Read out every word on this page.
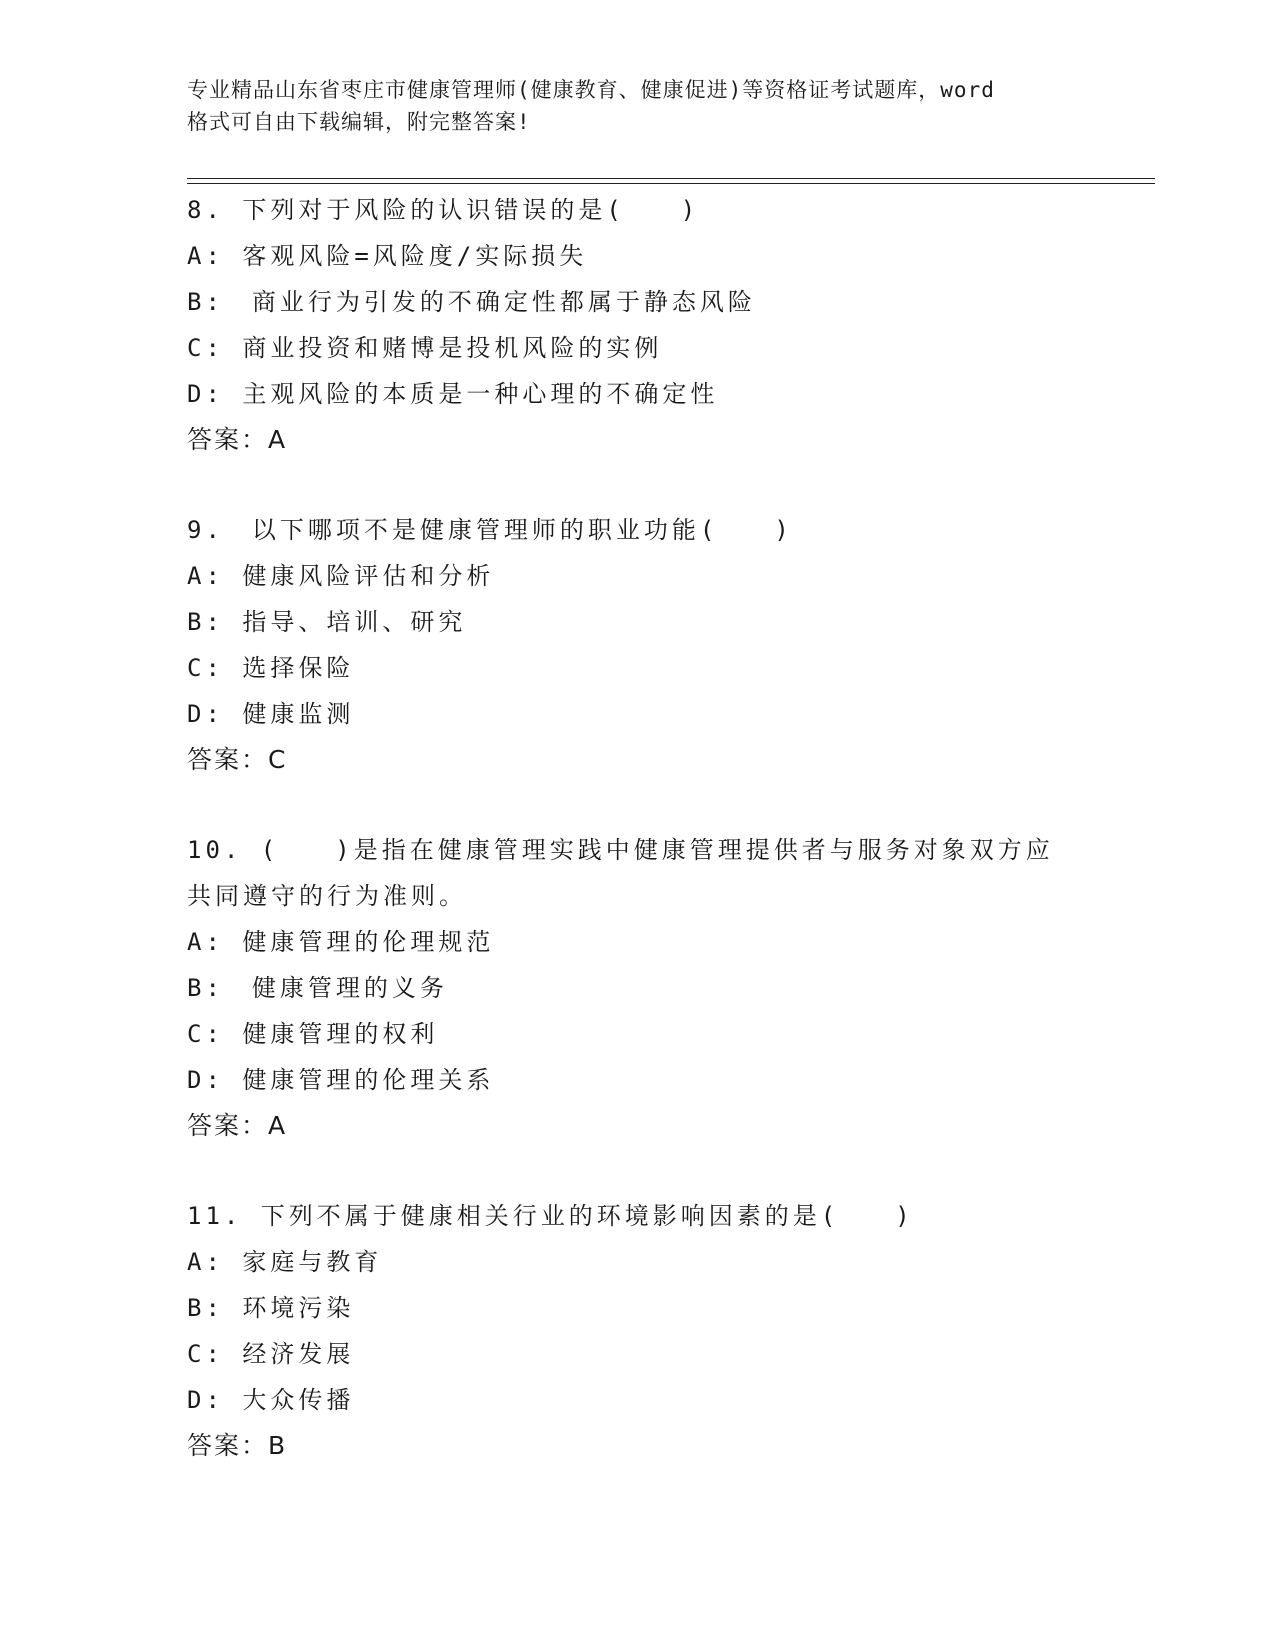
专业精品山东省枣庄市健康管理师(健康教育、健康促进)等资格证考试题库，word
格式可自由下载编辑，附完整答案!
8. 下列对于风险的认识错误的是(　　)
A: 客观风险=风险度/实际损失
B:　商业行为引发的不确定性都属于静态风险
C: 商业投资和赌博是投机风险的实例
D: 主观风险的本质是一种心理的不确定性
答案：A
9.　以下哪项不是健康管理师的职业功能(　　)
A: 健康风险评估和分析
B: 指导、培训、研究
C: 选择保险
D: 健康监测
答案：C
10. (　　)是指在健康管理实践中健康管理提供者与服务对象双方应
共同遵守的行为准则。
A: 健康管理的伦理规范
B:　健康管理的义务
C: 健康管理的权利
D: 健康管理的伦理关系
答案：A
11. 下列不属于健康相关行业的环境影响因素的是(　　)
A: 家庭与教育
B: 环境污染
C: 经济发展
D: 大众传播
答案：B
